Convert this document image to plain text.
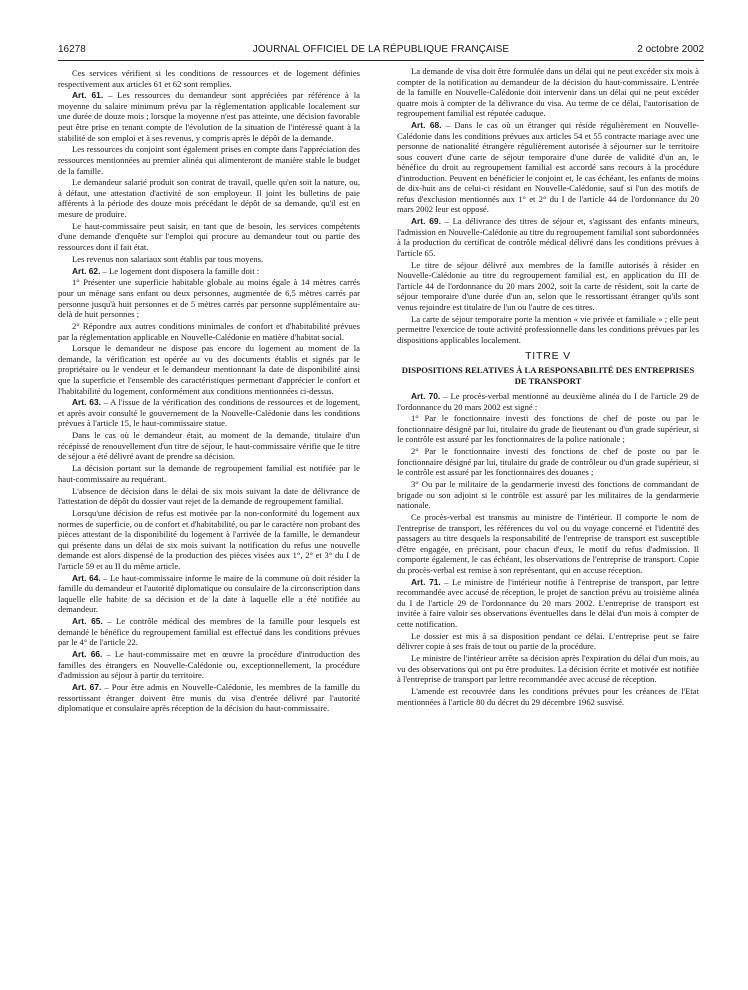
16278	JOURNAL OFFICIEL DE LA RÉPUBLIQUE FRANÇAISE	2 octobre 2002

Ces services vérifient si les conditions de ressources et de logement définies respectivement aux articles 61 et 62 sont remplies.

Art. 61. – Les ressources du demandeur sont appréciées par référence à la moyenne du salaire minimum prévu par la réglementation applicable localement sur une durée de douze mois ; lorsque la moyenne n'est pas atteinte, une décision favorable peut être prise en tenant compte de l'évolution de la situation de l'intéressé quant à la stabilité de son emploi et à ses revenus, y compris après le dépôt de la demande.

Les ressources du conjoint sont également prises en compte dans l'appréciation des ressources mentionnées au premier alinéa qui alimenteront de manière stable le budget de la famille.

Le demandeur salarié produit son contrat de travail, quelle qu'en soit la nature, ou, à défaut, une attestation d'activité de son employeur. Il joint les bulletins de paie afférents à la période des douze mois précédant le dépôt de sa demande, qu'il est en mesure de produire.

Le haut-commissaire peut saisir, en tant que de besoin, les services compétents d'une demande d'enquête sur l'emploi qui procure au demandeur tout ou partie des ressources dont il fait état.

Les revenus non salariaux sont établis par tous moyens.

Art. 62. – Le logement dont disposera la famille doit :

1° Présenter une superficie habitable globale au moins égale à 14 mètres carrés pour un ménage sans enfant ou deux personnes, augmentée de 6,5 mètres carrés par personne jusqu'à huit personnes et de 5 mètres carrés par personne supplémentaire au-delà de huit personnes ;

2° Répondre aux autres conditions minimales de confort et d'habitabilité prévues par la réglementation applicable en Nouvelle-Calédonie en matière d'habitat social.

Lorsque le demandeur ne dispose pas encore du logement au moment de la demande, la vérification est opérée au vu des documents établis et signés par le propriétaire ou le vendeur et le demandeur mentionnant la date de disponibilité ainsi que la superficie et l'ensemble des caractéristiques permettant d'apprécier le confort et l'habitabilité du logement, conformément aux conditions mentionnées ci-dessus.

Art. 63. – A l'issue de la vérification des conditions de ressources et de logement, et après avoir consulté le gouvernement de la Nouvelle-Calédonie dans les conditions prévues à l'article 15, le haut-commissaire statue.

Dans le cas où le demandeur était, au moment de la demande, titulaire d'un récépissé de renouvellement d'un titre de séjour, le haut-commissaire vérifie que le titre de séjour a été délivré avant de prendre sa décision.

La décision portant sur la demande de regroupement familial est notifiée par le haut-commissaire au requérant.

L'absence de décision dans le délai de six mois suivant la date de délivrance de l'attestation de dépôt du dossier vaut rejet de la demande de regroupement familial.

Lorsqu'une décision de refus est motivée par la non-conformité du logement aux normes de superficie, ou de confort et d'habitabilité, ou par le caractère non probant des pièces attestant de la disponibilité du logement à l'arrivée de la famille, le demandeur qui présente dans un délai de six mois suivant la notification du refus une nouvelle demande est alors dispensé de la production des pièces visées aux 1°, 2° et 3° du I de l'article 59 et au II du même article.

Art. 64. – Le haut-commissaire informe le maire de la commune où doit résider la famille du demandeur et l'autorité diplomatique ou consulaire de la circonscription dans laquelle elle habite de sa décision et de la date à laquelle elle a été notifiée au demandeur.

Art. 65. – Le contrôle médical des membres de la famille pour lesquels est demandé le bénéfice du regroupement familial est effectué dans les conditions prévues par le 4° de l'article 22.

Art. 66. – Le haut-commissaire met en œuvre la procédure d'introduction des familles des étrangers en Nouvelle-Calédonie ou, exceptionnellement, la procédure d'admission au séjour à partir du territoire.

Art. 67. – Pour être admis en Nouvelle-Calédonie, les membres de la famille du ressortissant étranger doivent être munis du visa d'entrée délivré par l'autorité diplomatique et consulaire après réception de la décision du haut-commissaire.

La demande de visa doit être formulée dans un délai qui ne peut excéder six mois à compter de la notification au demandeur de la décision du haut-commissaire. L'entrée de la famille en Nouvelle-Calédonie doit intervenir dans un délai qui ne peut excéder quatre mois à compter de la délivrance du visa. Au terme de ce délai, l'autorisation de regroupement familial est réputée caduque.

Art. 68. – Dans le cas où un étranger qui réside régulièrement en Nouvelle-Calédonie dans les conditions prévues aux articles 54 et 55 contracte mariage avec une personne de nationalité étrangère régulièrement autorisée à séjourner sur le territoire sous couvert d'une carte de séjour temporaire d'une durée de validité d'un an, le bénéfice du droit au regroupement familial est accordé sans recours à la procédure d'introduction. Peuvent en bénéficier le conjoint et, le cas échéant, les enfants de moins de dix-huit ans de celui-ci résidant en Nouvelle-Calédonie, sauf si l'un des motifs de refus d'exclusion mentionnés aux 1° et 2° du I de l'article 44 de l'ordonnance du 20 mars 2002 leur est opposé.

Art. 69. – La délivrance des titres de séjour et, s'agissant des enfants mineurs, l'admission en Nouvelle-Calédonie au titre du regroupement familial sont subordonnées à la production du certificat de contrôle médical délivré dans les conditions prévues à l'article 65.

Le titre de séjour délivré aux membres de la famille autorisés à résider en Nouvelle-Calédonie au titre du regroupement familial est, en application du III de l'article 44 de l'ordonnance du 20 mars 2002, soit la carte de résident, soit la carte de séjour temporaire d'une durée d'un an, selon que le ressortissant étranger qu'ils sont venus rejoindre est titulaire de l'un ou l'autre de ces titres.

La carte de séjour temporaire porte la mention « vie privée et familiale » ; elle peut permettre l'exercice de toute activité professionnelle dans les conditions prévues par les dispositions applicables localement.

TITRE V
DISPOSITIONS RELATIVES À LA RESPONSABILITÉ DES ENTREPRISES DE TRANSPORT

Art. 70. – Le procès-verbal mentionné au deuxième alinéa du I de l'article 29 de l'ordonnance du 20 mars 2002 est signé :

1° Par le fonctionnaire investi des fonctions de chef de poste ou par le fonctionnaire désigné par lui, titulaire du grade de lieutenant ou d'un grade supérieur, si le contrôle est assuré par les fonctionnaires de la police nationale ;

2° Par le fonctionnaire investi des fonctions de chef de poste ou par le fonctionnaire désigné par lui, titulaire du grade de contrôleur ou d'un grade supérieur, si le contrôle est assuré par les fonctionnaires des douanes ;

3° Ou par le militaire de la gendarmerie investi des fonctions de commandant de brigade ou son adjoint si le contrôle est assuré par les militaires de la gendarmerie nationale.

Ce procès-verbal est transmis au ministre de l'intérieur. Il comporte le nom de l'entreprise de transport, les références du vol ou du voyage concerné et l'identité des passagers au titre desquels la responsabilité de l'entreprise de transport est susceptible d'être engagée, en précisant, pour chacun d'eux, le motif du refus d'admission. Il comporte également, le cas échéant, les observations de l'entreprise de transport. Copie du procès-verbal est remise à son représentant, qui en accuse réception.

Art. 71. – Le ministre de l'intérieur notifie à l'entreprise de transport, par lettre recommandée avec accusé de réception, le projet de sanction prévu au troisième alinéa du I de l'article 29 de l'ordonnance du 20 mars 2002. L'entreprise de transport est invitée à faire valoir ses observations éventuelles dans le délai d'un mois à compter de cette notification.

Le dossier est mis à sa disposition pendant ce délai. L'entreprise peut se faire délivrer copie à ses frais de tout ou partie de la procédure.

Le ministre de l'intérieur arrête sa décision après l'expiration du délai d'un mois, au vu des observations qui ont pu être produites. La décision écrite et motivée est notifiée à l'entreprise de transport par lettre recommandée avec accusé de réception.

L'amende est recouvrée dans les conditions prévues pour les créances de l'Etat mentionnées à l'article 80 du décret du 29 décembre 1962 susvisé.
